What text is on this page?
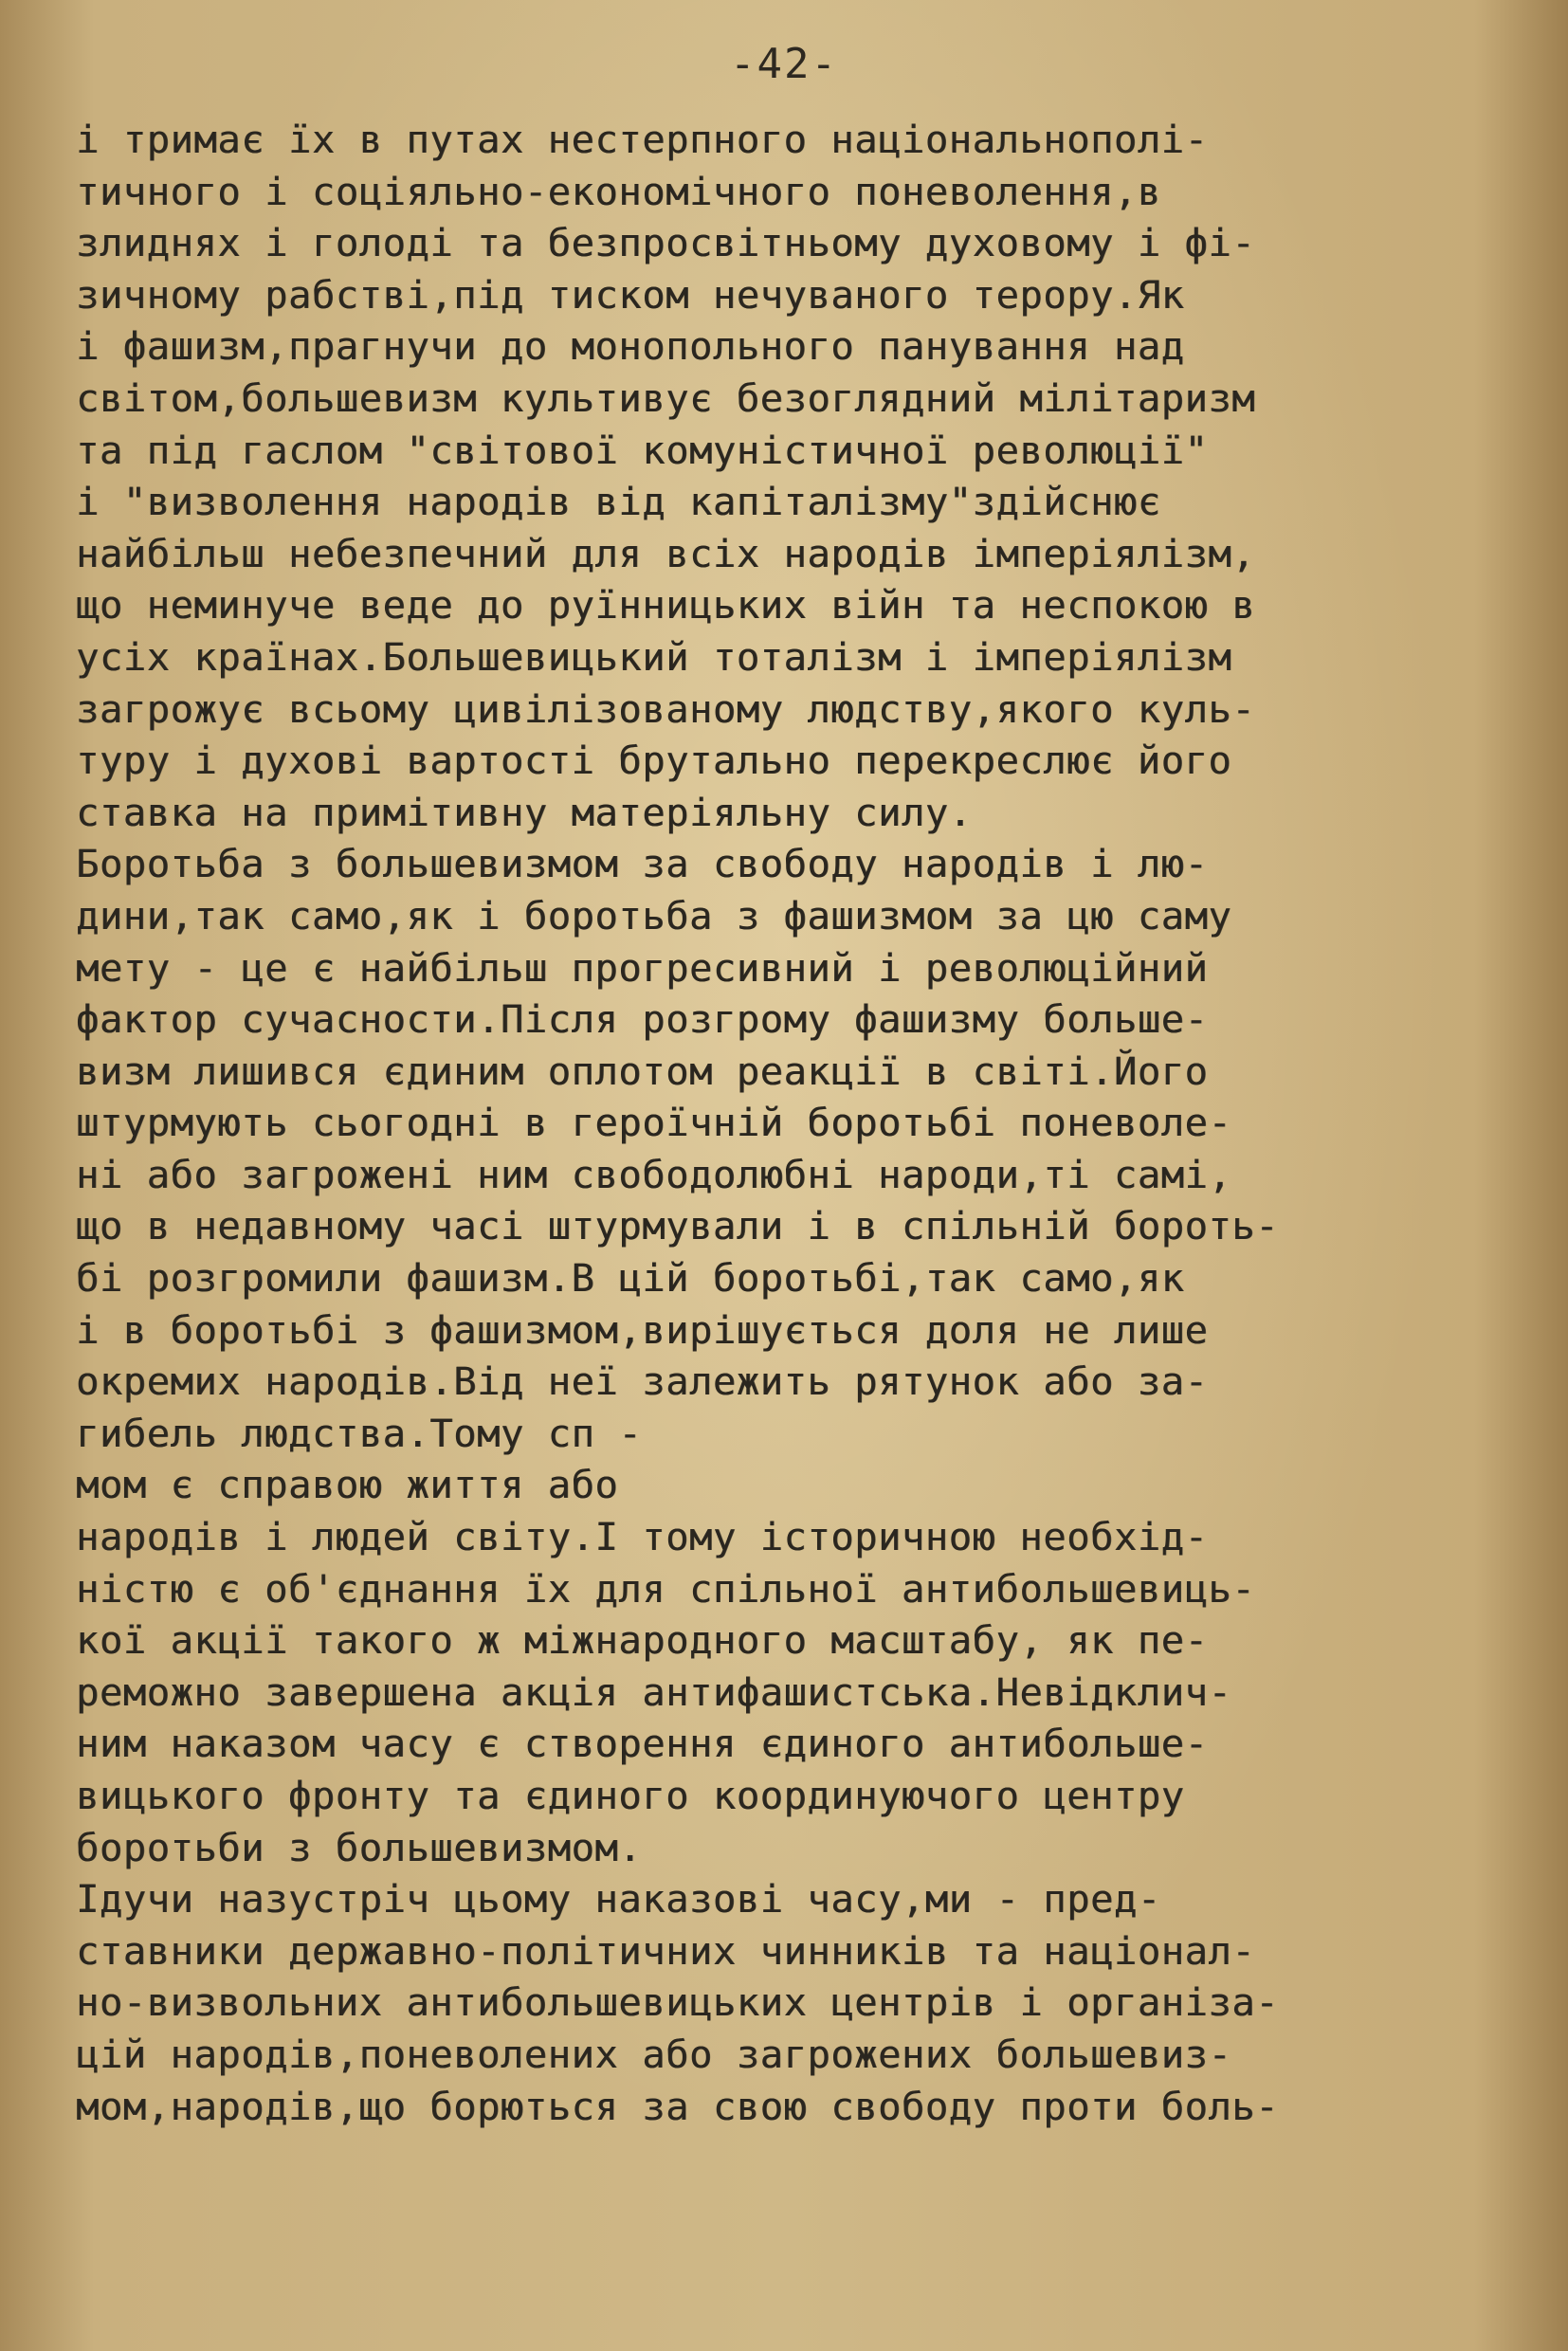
-42-
і тримає їх в путах нестерпного національнополі-
тичного і соціяльно-економічного поневолення,в
злиднях і голоді та безпросвітньому духовому і фі-
зичному рабстві,під тиском нечуваного терору.Як
і фашизм,прагнучи до монопольного панування над
світом,большевизм культивує безоглядний мілітаризм
та під гаслом "світової комуністичної революції"
і "визволення народів від капіталізму"здійснює
найбільш небезпечний для всіх народів імперіялізм,
що неминуче веде до руїнницьких війн та неспокою в
усіх країнах.Большевицький тоталізм і імперіялізм
загрожує всьому цивілізованому людству,якого куль-
туру і духові вартості брутально перекреслює його
ставка на примітивну матеріяльну силу.
Боротьба з большевизмом за свободу народів і лю-
дини,так само,як і боротьба з фашизмом за цю саму
мету - це є найбільш прогресивний і революційний
фактор сучасности.Після розгрому фашизму больше-
визм лишився єдиним оплотом реакції в світі.Його
штурмують сьогодні в героїчній боротьбі поневоле-
ні або загрожені ним свободолюбні народи,ті самі,
що в недавному часі штурмували і в спільній бороть-
бі розгромили фашизм.В цій боротьбі,так само,як
і в боротьбі з фашизмом,вирішується доля не лише
окремих народів.Від неї залежить рятунок або за-
гибель людства.Тому сп -
мом є справою життя або
народів і людей світу.І тому історичною необхід-
ністю є об'єднання їх для спільної антибольшевиць-
кої акції такого ж міжнародного масштабу, як пе-
реможно завершена акція антифашистська.Невідклич-
ним наказом часу є створення єдиного антибольше-
вицького фронту та єдиного координуючого центру
боротьби з большевизмом.
Ідучи назустріч цьому наказові часу,ми - пред-
ставники державно-політичних чинників та націонал-
но-визвольних антибольшевицьких центрів і організа-
цій народів,поневолених або загрожених большевиз-
мом,народів,що борються за свою свободу проти боль-
